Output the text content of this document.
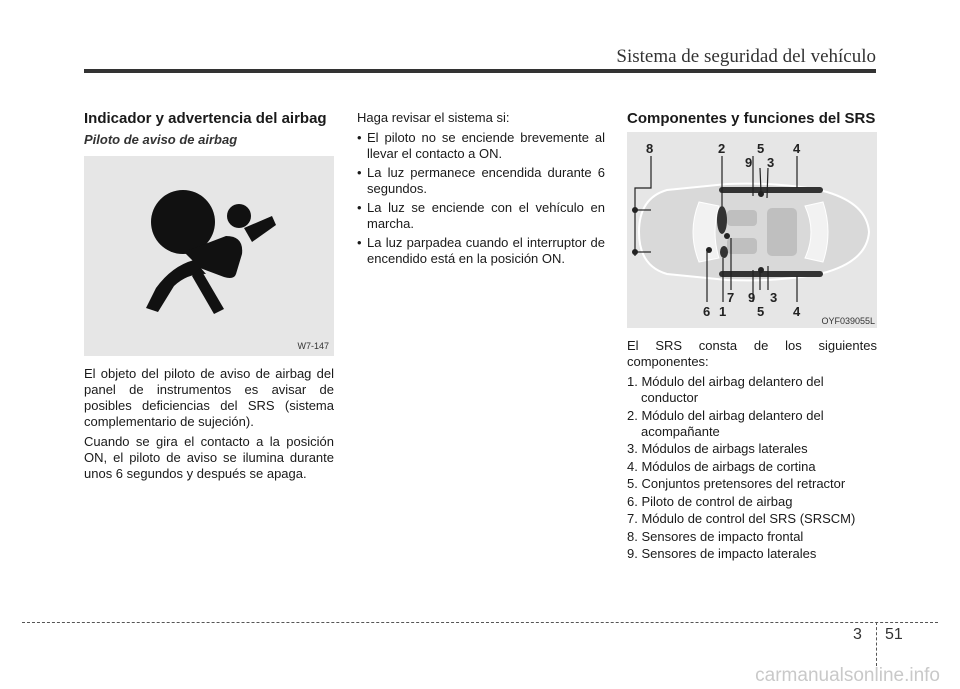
Sistema de seguridad del vehículo
Indicador y advertencia del airbag
Piloto de aviso de airbag
W7-147

El objeto del piloto de aviso de airbag del panel de instrumentos es avisar de posibles deficiencias del SRS (sistema complementario de sujeción).

Cuando se gira el contacto a la posición ON, el piloto de aviso se ilumina durante unos 6 segundos y después se apaga.

Haga revisar el sistema si:

• El piloto no se enciende brevemente al llevar el contacto a ON.
• La luz permanece encendida durante 6 segundos.
• La luz se enciende con el vehículo en marcha.
• La luz parpadea cuando el interruptor de encendido está en la posición ON.
Componentes y funciones del SRS
8	2 5
9 3
4
6 1
7 9
5
3
4
OYF039055L

El SRS consta de los siguientes componentes:

1. Módulo del airbag delantero del conductor
2. Módulo del airbag delantero del acompañante
3. Módulos de airbags laterales
4. Módulos de airbags de cortina
5. Conjuntos pretensores del retractor
6. Piloto de control de airbag
7. Módulo de control del SRS (SRSCM)
8. Sensores de impacto frontal
9. Sensores de impacto laterales
3 51
carmanualsonline.info
